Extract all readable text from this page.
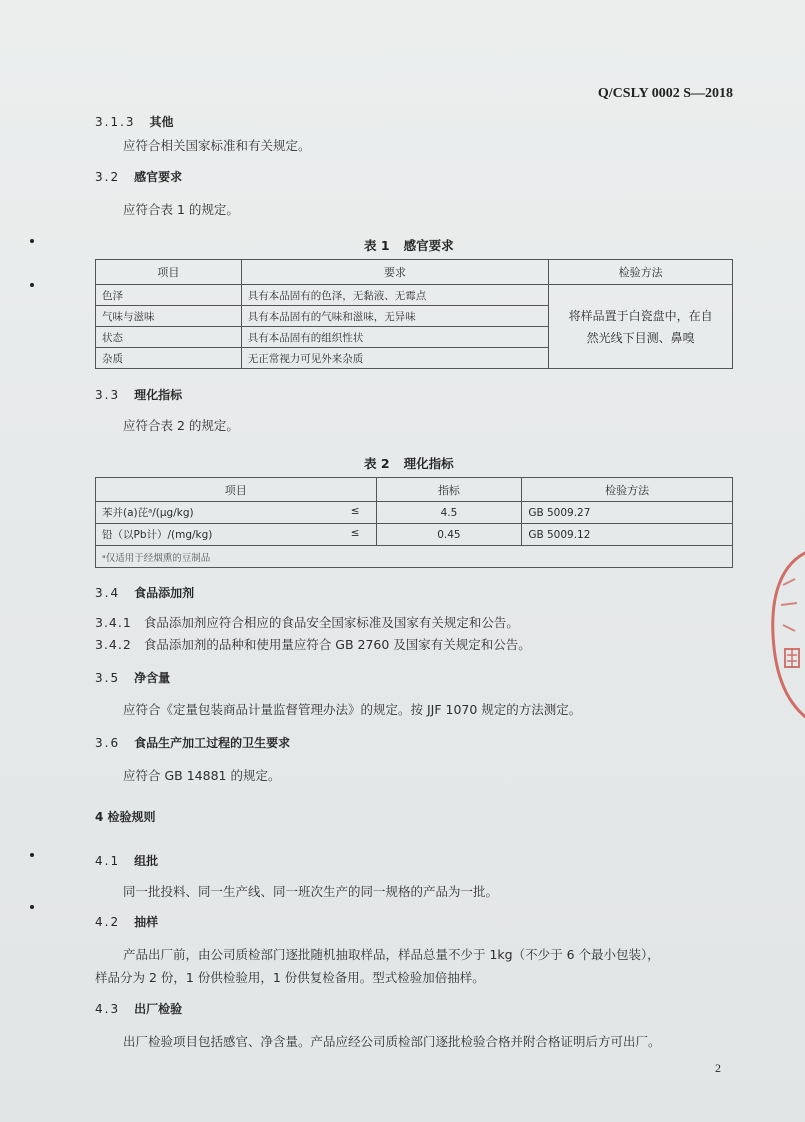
Q/CSLY 0002 S—2018
3.1.3 其他
应符合相关国家标准和有关规定。
3.2 感官要求
应符合表 1 的规定。
表 1 感官要求
项目	要求	检验方法
色泽	具有本品固有的色泽，无黏液、无霉点	将样品置于白瓷盘中，在自
然光线下目测、鼻嗅

气味与滋味	具有本品固有的气味和滋味，无异味	
状态	具有本品固有的组织性状	
杂质	无正常视力可见外来杂质	
3.3 理化指标
应符合表 2 的规定。
表 2 理化指标
项目	指标	检验方法
苯并(a)芘ᵃ/(μg/kg) ≤	4.5	GB 5009.27
铅（以Pb计）/(mg/kg) ≤	0.45	GB 5009.12
ᵃ仅适用于经烟熏的豆制品		
3.4 食品添加剂
3.4.1 食品添加剂应符合相应的食品安全国家标准及国家有关规定和公告。
3.4.2 食品添加剂的品种和使用量应符合 GB 2760 及国家有关规定和公告。
3.5 净含量
应符合《定量包装商品计量监督管理办法》的规定。按 JJF 1070 规定的方法测定。
3.6 食品生产加工过程的卫生要求
应符合 GB 14881 的规定。
4 检验规则
4.1 组批
同一批投料、同一生产线、同一班次生产的同一规格的产品为一批。
4.2 抽样
产品出厂前，由公司质检部门逐批随机抽取样品，样品总量不少于 1kg（不少于 6 个最小包装），
样品分为 2 份，1 份供检验用，1 份供复检备用。型式检验加倍抽样。
4.3 出厂检验
出厂检验项目包括感官、净含量。产品应经公司质检部门逐批检验合格并附合格证明后方可出厂。
2
